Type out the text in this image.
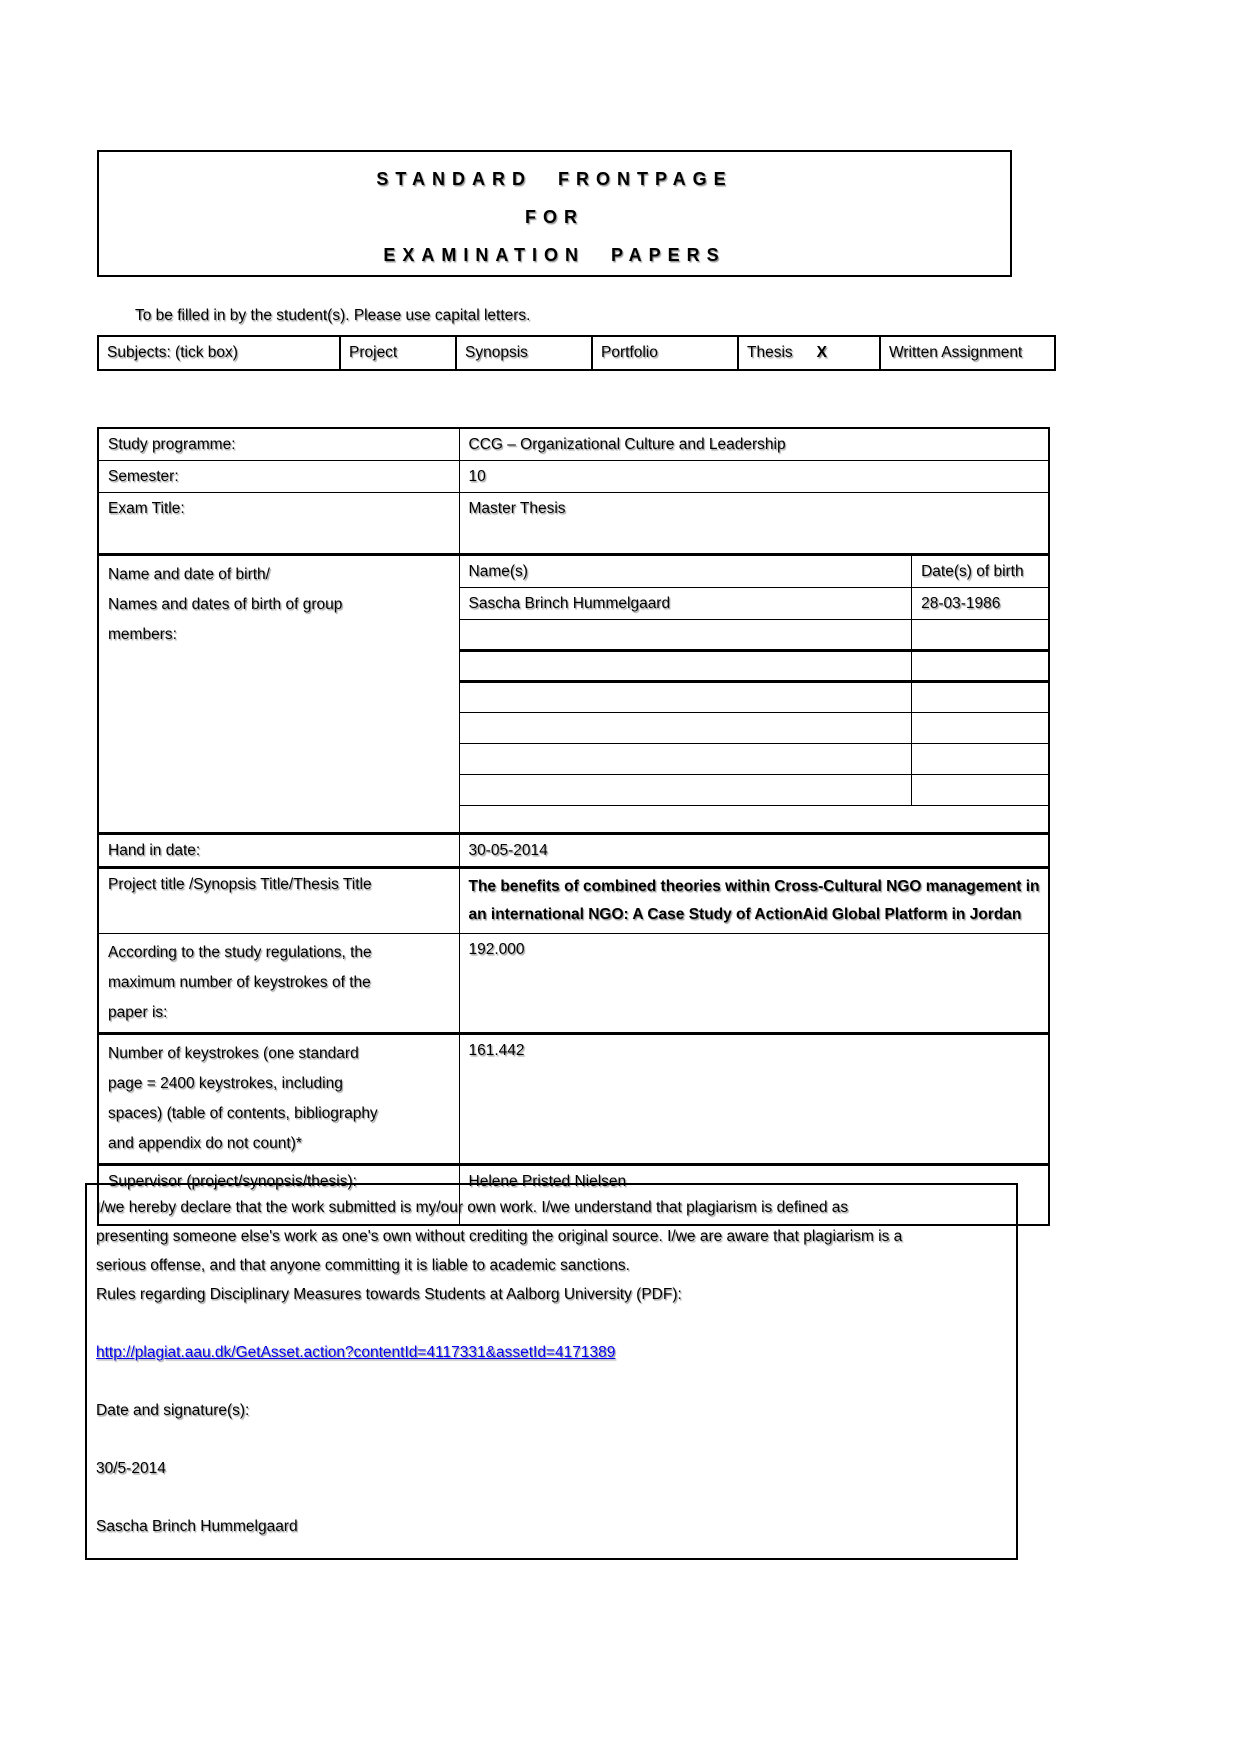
STANDARD FRONTPAGE
FOR
EXAMINATION PAPERS
To be filled in by the student(s). Please use capital letters.
Subjects: (tick box)	Project	Synopsis	Portfolio	Thesis X	Written Assignment
Study programme:	CCG – Organizational Culture and Leadership	
Semester:	10	
Exam Title:	Master Thesis	

Name and date of birth/
Names and dates of birth of group
members:	Name(s)	Date(s) of birth
	Sascha Brinch Hummelgaard	28-03-1986

Hand in date:	30-05-2014	
Project title /Synopsis Title/Thesis Title	The benefits of combined theories within Cross-Cultural NGO management in
an international NGO: A Case Study of ActionAid Global Platform in Jordan	

According to the study regulations, the
maximum number of keystrokes of the
paper is:	192.000	

Number of keystrokes (one standard
page = 2400 keystrokes, including
spaces) (table of contents, bibliography
and appendix do not count)*	161.442	
Supervisor (project/synopsis/thesis):	Helene Pristed Nielsen	
I/we hereby declare that the work submitted is my/our own work. I/we understand that plagiarism is defined as
presenting someone else's work as one's own without crediting the original source. I/we are aware that plagiarism is a
serious offense, and that anyone committing it is liable to academic sanctions.
Rules regarding Disciplinary Measures towards Students at Aalborg University (PDF):
http://plagiat.aau.dk/GetAsset.action?contentId=4117331&assetId=4171389
Date and signature(s):
30/5-2014
Sascha Brinch Hummelgaard
